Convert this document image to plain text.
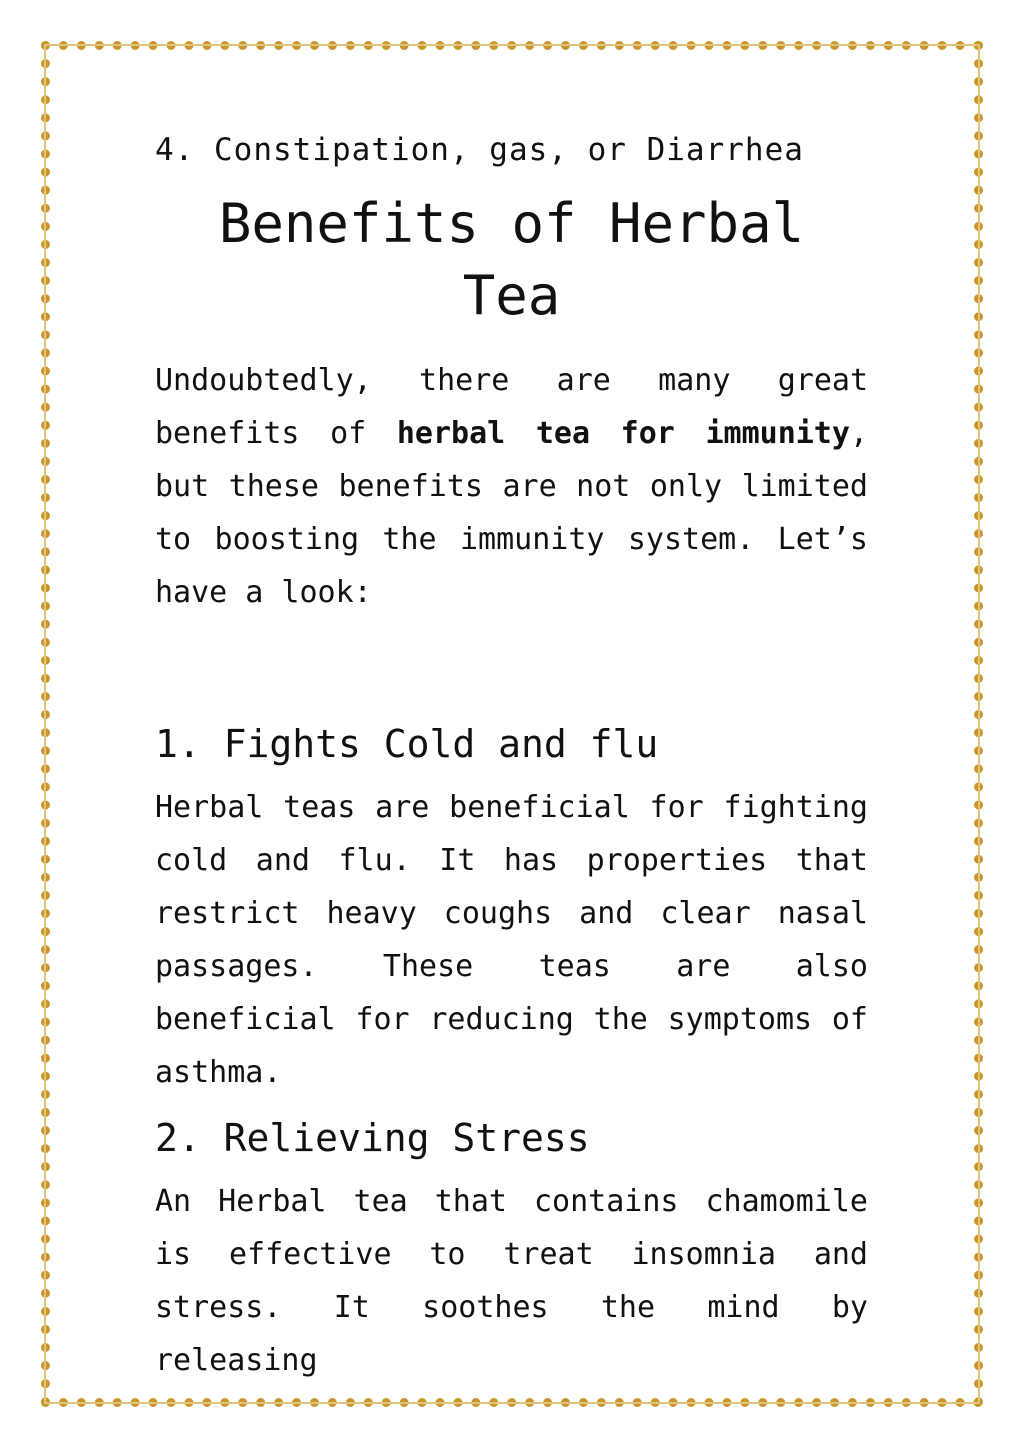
4. Constipation, gas, or Diarrhea

Benefits of Herbal Tea

Undoubtedly, there are many great benefits of herbal tea for immunity, but these benefits are not only limited to boosting the immunity system. Let’s have a look:

1. Fights Cold and flu

Herbal teas are beneficial for fighting cold and flu. It has properties that restrict heavy coughs and clear nasal passages. These teas are also beneficial for reducing the symptoms of asthma.

2. Relieving Stress

An Herbal tea that contains chamomile is effective to treat insomnia and stress. It soothes the mind by releasing
